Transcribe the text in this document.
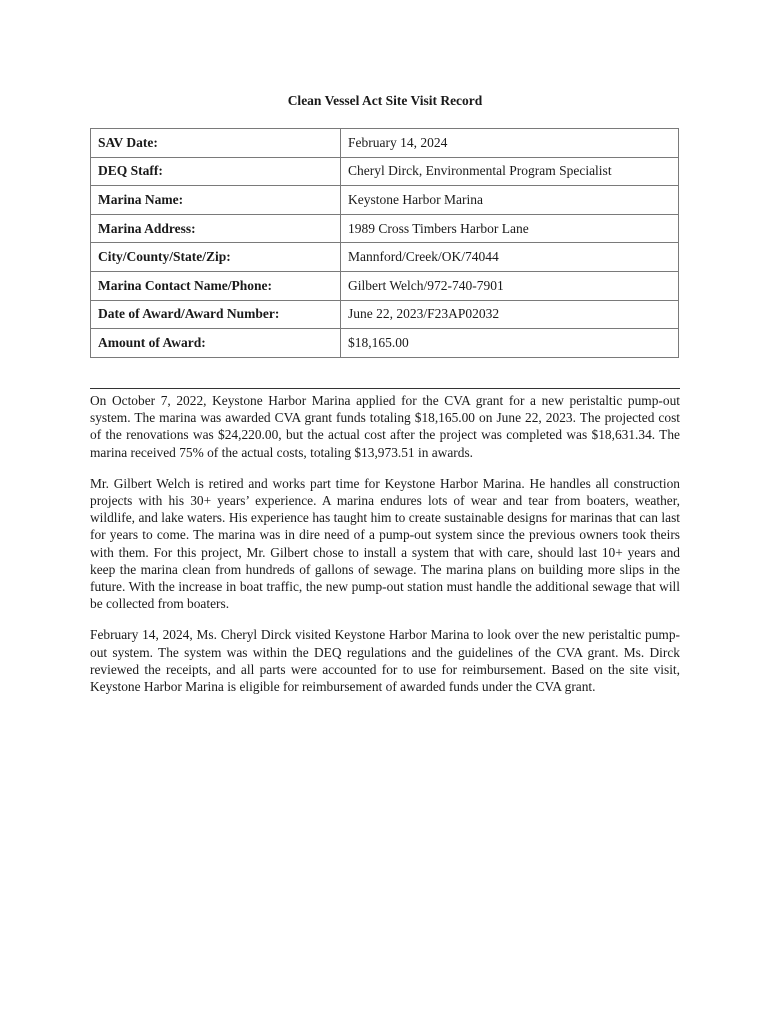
Clean Vessel Act Site Visit Record
SAV Date:	February 14, 2024
DEQ Staff:	Cheryl Dirck, Environmental Program Specialist
Marina Name:	Keystone Harbor Marina
Marina Address:	1989 Cross Timbers Harbor Lane
City/County/State/Zip:	Mannford/Creek/OK/74044
Marina Contact Name/Phone:	Gilbert Welch/972-740-7901
Date of Award/Award Number:	June 22, 2023/F23AP02032
Amount of Award:	$18,165.00

On October 7, 2022, Keystone Harbor Marina applied for the CVA grant for a new peristaltic pump-out system. The marina was awarded CVA grant funds totaling $18,165.00 on June 22, 2023. The projected cost of the renovations was $24,220.00, but the actual cost after the project was completed was $18,631.34. The marina received 75% of the actual costs, totaling $13,973.51 in awards.

Mr. Gilbert Welch is retired and works part time for Keystone Harbor Marina. He handles all construction projects with his 30+ years’ experience. A marina endures lots of wear and tear from boaters, weather, wildlife, and lake waters. His experience has taught him to create sustainable designs for marinas that can last for years to come. The marina was in dire need of a pump-out system since the previous owners took theirs with them. For this project, Mr. Gilbert chose to install a system that with care, should last 10+ years and keep the marina clean from hundreds of gallons of sewage. The marina plans on building more slips in the future. With the increase in boat traffic, the new pump-out station must handle the additional sewage that will be collected from boaters.

February 14, 2024, Ms. Cheryl Dirck visited Keystone Harbor Marina to look over the new peristaltic pump-out system. The system was within the DEQ regulations and the guidelines of the CVA grant. Ms. Dirck reviewed the receipts, and all parts were accounted for to use for reimbursement. Based on the site visit, Keystone Harbor Marina is eligible for reimbursement of awarded funds under the CVA grant.
